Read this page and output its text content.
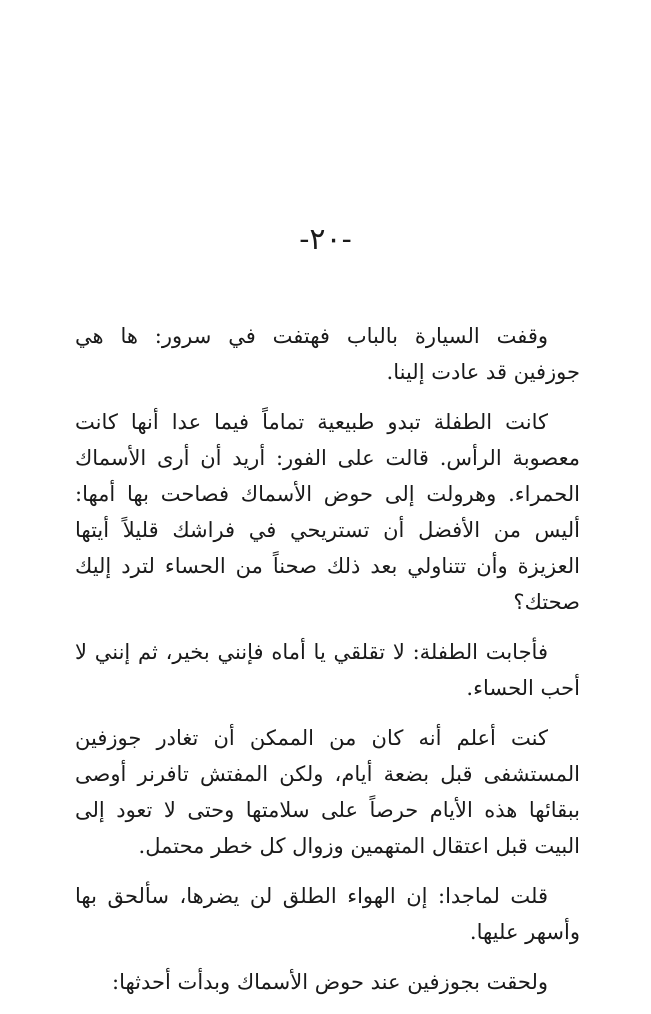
-٢٠-

وقفت السيارة بالباب فهتفت في سرور: ها هي جوزفين قد عادت إلينا.

كانت الطفلة تبدو طبيعية تماماً فيما عدا أنها كانت معصوبة الرأس. قالت على الفور: أريد أن أرى الأسماك الحمراء. وهرولت إلى حوض الأسماك فصاحت بها أمها: أليس من الأفضل أن تستريحي في فراشك قليلاً أيتها العزيزة وأن تتناولي بعد ذلك صحناً من الحساء لترد إليك صحتك؟

فأجابت الطفلة: لا تقلقي يا أماه فإنني بخير، ثم إنني لا أحب الحساء.

كنت أعلم أنه كان من الممكن أن تغادر جوزفين المستشفى قبل بضعة أيام، ولكن المفتش تافرنر أوصى ببقائها هذه الأيام حرصاً على سلامتها وحتى لا تعود إلى البيت قبل اعتقال المتهمين وزوال كل خطر محتمل.

قلت لماجدا: إن الهواء الطلق لن يضرها، سألحق بها وأسهر عليها.

ولحقت بجوزفين عند حوض الأسماك وبدأت أحدثها:
